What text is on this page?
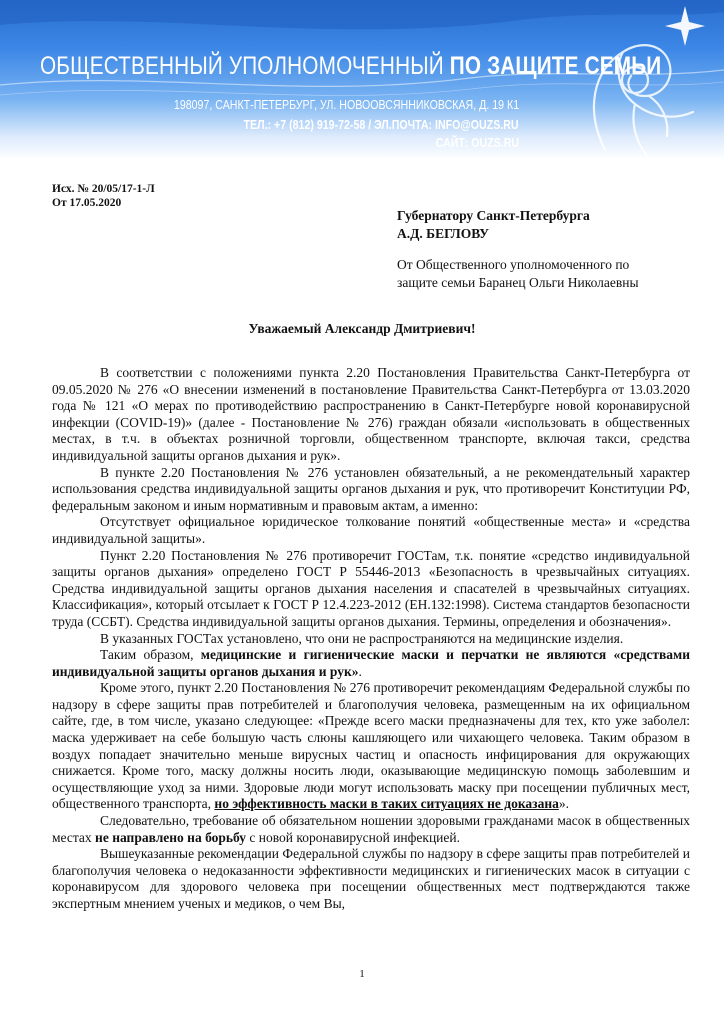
ОБЩЕСТВЕННЫЙ УПОЛНОМОЧЕННЫЙ ПО ЗАЩИТЕ СЕМЬИ
198097, САНКТ-ПЕТЕРБУРГ, УЛ. НОВООВСЯННИКОВСКАЯ, Д. 19 К1
ТЕЛ.: +7 (812) 919-72-58 / ЭЛ.ПОЧТА: INFO@OUZS.RU
САЙТ: OUZS.RU
Исх. № 20/05/17-1-Л
От 17.05.2020
Губернатору Санкт-Петербурга
А.Д. БЕГЛОВУ
От Общественного уполномоченного по
защите семьи Баранец Ольги Николаевны
Уважаемый Александр Дмитриевич!

В соответствии с положениями пункта 2.20 Постановления Правительства Санкт-Петербурга от 09.05.2020 № 276 «О внесении изменений в постановление Правительства Санкт-Петербурга от 13.03.2020 года № 121 «О мерах по противодействию распространению в Санкт-Петербурге новой коронавирусной инфекции (COVID-19)» (далее - Постановление № 276) граждан обязали «использовать в общественных местах, в т.ч. в объектах розничной торговли, общественном транспорте, включая такси, средства индивидуальной защиты органов дыхания и рук».

В пункте 2.20 Постановления № 276 установлен обязательный, а не рекомендательный характер использования средства индивидуальной защиты органов дыхания и рук, что противоречит Конституции РФ, федеральным законом и иным нормативным и правовым актам, а именно:

Отсутствует официальное юридическое толкование понятий «общественные места» и «средства индивидуальной защиты».

Пункт 2.20 Постановления № 276 противоречит ГОСТам, т.к. понятие «средство индивидуальной защиты органов дыхания» определено ГОСТ Р 55446-2013 «Безопасность в чрезвычайных ситуациях. Средства индивидуальной защиты органов дыхания населения и спасателей в чрезвычайных ситуациях. Классификация», который отсылает к ГОСТ Р 12.4.223-2012 (ЕН.132:1998). Система стандартов безопасности труда (ССБТ). Средства индивидуальной защиты органов дыхания. Термины, определения и обозначения».

В указанных ГОСТах установлено, что они не распространяются на медицинские изделия.

Таким образом, медицинские и гигиенические маски и перчатки не являются «средствами индивидуальной защиты органов дыхания и рук».

Кроме этого, пункт 2.20 Постановления № 276 противоречит рекомендациям Федеральной службы по надзору в сфере защиты прав потребителей и благополучия человека, размещенным на их официальном сайте, где, в том числе, указано следующее: «Прежде всего маски предназначены для тех, кто уже заболел: маска удерживает на себе большую часть слюны кашляющего или чихающего человека. Таким образом в воздух попадает значительно меньше вирусных частиц и опасность инфицирования для окружающих снижается. Кроме того, маску должны носить люди, оказывающие медицинскую помощь заболевшим и осуществляющие уход за ними. Здоровые люди могут использовать маску при посещении публичных мест, общественного транспорта, но эффективность маски в таких ситуациях не доказана».

Следовательно, требование об обязательном ношении здоровыми гражданами масок в общественных местах не направлено на борьбу с новой коронавирусной инфекцией.

Вышеуказанные рекомендации Федеральной службы по надзору в сфере защиты прав потребителей и благополучия человека о недоказанности эффективности медицинских и гигиенических масок в ситуации с коронавирусом для здорового человека при посещении общественных мест подтверждаются также экспертным мнением ученых и медиков, о чем Вы,

1
